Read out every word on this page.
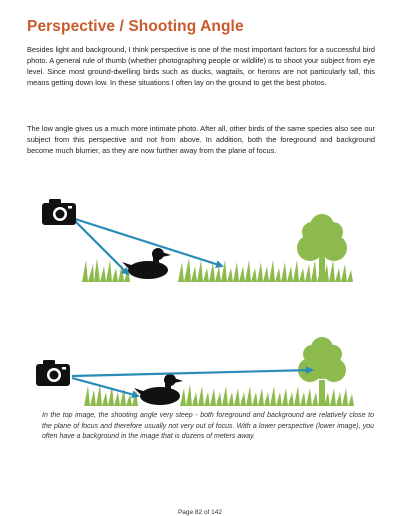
Perspective / Shooting Angle
Besides light and background, I think perspective is one of the most important factors for a successful bird photo. A general rule of thumb (whether photographing people or wildlife) is to shoot your subject from eye level. Since most ground-dwelling birds such as ducks, wagtails, or herons are not particularly tall, this means getting down low. In these situations I often lay on the ground to get the best photos.
The low angle gives us a much more intimate photo. After all, other birds of the same species also see our subject from this perspective and not from above. In addition, both the foreground and background become much blurrier, as they are now further away from the plane of focus.
In the top image, the shooting angle very steep - both foreground and background are relatively close to the plane of focus and therefore usually not very out of focus. With a lower perspective (lower image), you often have a background in the image that is dozens of meters away.
Page 82 of 142
